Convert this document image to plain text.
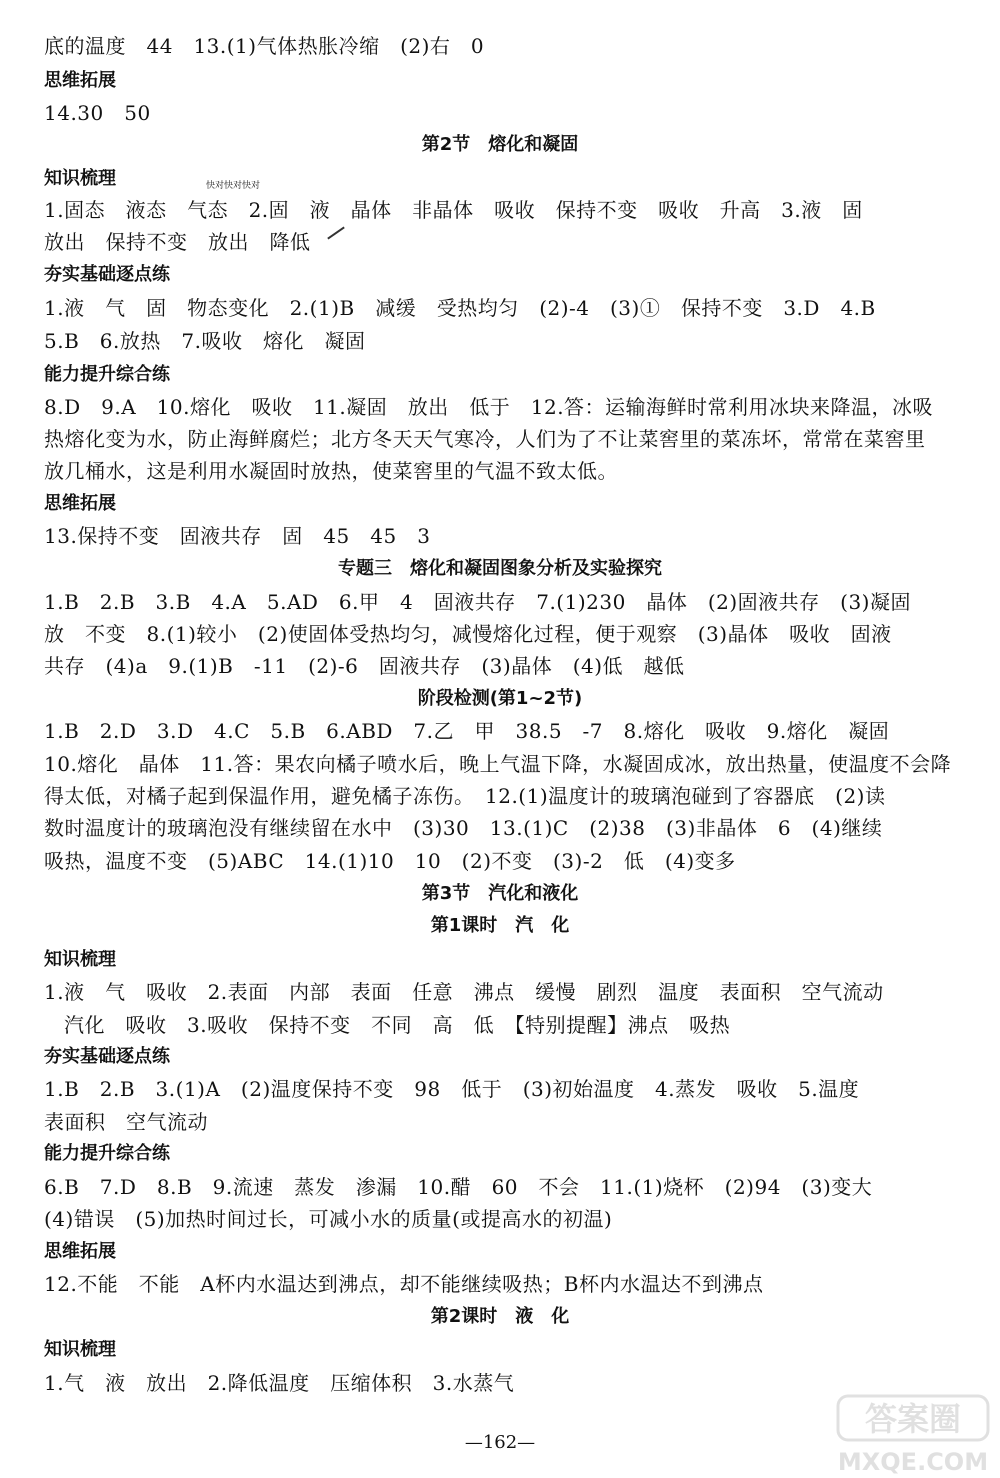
底的温度　44　13.(1)气体热胀冷缩　(2)右　0
思维拓展
14.30　50
第2节　熔化和凝固
知识梳理	快对快对快对
1.固态　液态　气态　2.固　液　晶体　非晶体　吸收　保持不变　吸收　升高　3.液　固
放出　保持不变　放出　降低
夯实基础逐点练
1.液　气　固　物态变化　2.(1)B　减缓　受热均匀　(2)-4　(3)①　保持不变　3.D　4.B
5.B　6.放热　7.吸收　熔化　凝固
能力提升综合练
8.D　9.A　10.熔化　吸收　11.凝固　放出　低于　12.答：运输海鲜时常利用冰块来降温，冰吸
热熔化变为水，防止海鲜腐烂；北方冬天天气寒冷，人们为了不让菜窖里的菜冻坏，常常在菜窖里
放几桶水，这是利用水凝固时放热，使菜窖里的气温不致太低。
思维拓展
13.保持不变　固液共存　固　45　45　3
专题三　熔化和凝固图象分析及实验探究
1.B　2.B　3.B　4.A　5.AD　6.甲　4　固液共存　7.(1)230　晶体　(2)固液共存　(3)凝固
放　不变　8.(1)较小　(2)使固体受热均匀，减慢熔化过程，便于观察　(3)晶体　吸收　固液
共存　(4)a　9.(1)B　-11　(2)-6　固液共存　(3)晶体　(4)低　越低
阶段检测(第1~2节)
1.B　2.D　3.D　4.C　5.B　6.ABD　7.乙　甲　38.5　-7　8.熔化　吸收　9.熔化　凝固
10.熔化　晶体　11.答：果农向橘子喷水后，晚上气温下降，水凝固成冰，放出热量，使温度不会降
得太低，对橘子起到保温作用，避免橘子冻伤。　12.(1)温度计的玻璃泡碰到了容器底　(2)读
数时温度计的玻璃泡没有继续留在水中　(3)30　13.(1)C　(2)38　(3)非晶体　6　(4)继续
吸热，温度不变　(5)ABC　14.(1)10　10　(2)不变　(3)-2　低　(4)变多
第3节　汽化和液化
第1课时　汽　化
知识梳理
1.液　气　吸收　2.表面　内部　表面　任意　沸点　缓慢　剧烈　温度　表面积　空气流动
汽化　吸收　3.吸收　保持不变　不同　高　低　【特别提醒】沸点　吸热
夯实基础逐点练
1.B　2.B　3.(1)A　(2)温度保持不变　98　低于　(3)初始温度　4.蒸发　吸收　5.温度
表面积　空气流动
能力提升综合练
6.B　7.D　8.B　9.流速　蒸发　渗漏　10.醋　60　不会　11.(1)烧杯　(2)94　(3)变大
(4)错误　(5)加热时间过长，可减小水的质量(或提高水的初温)
思维拓展
12.不能　不能　A杯内水温达到沸点，却不能继续吸热；B杯内水温达不到沸点
第2课时　液　化
知识梳理
1.气　液　放出　2.降低温度　压缩体积　3.水蒸气
—162—
答案圈
MXQE.COM
